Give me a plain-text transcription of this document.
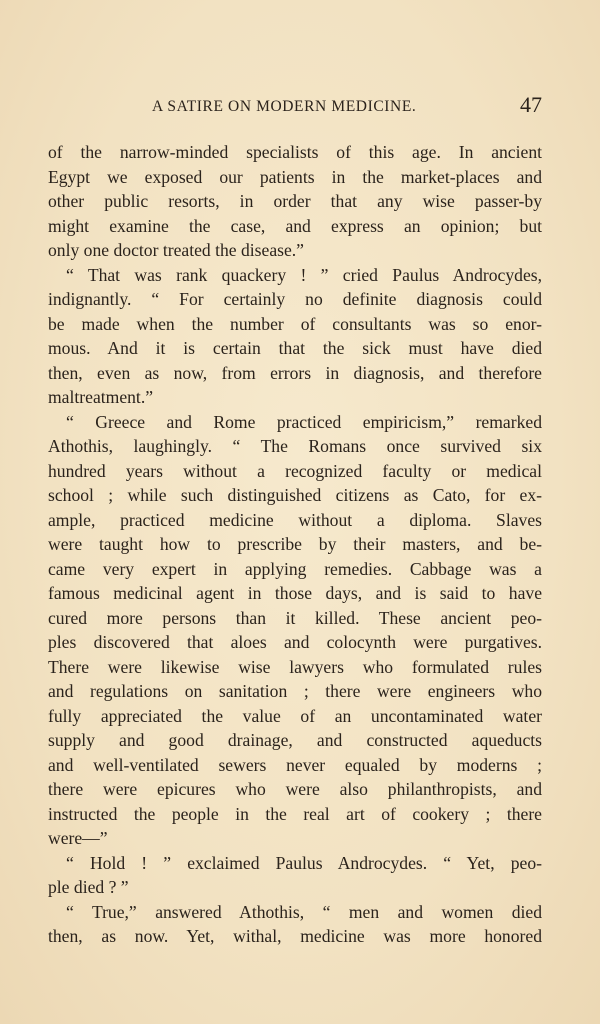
A SATIRE ON MODERN MEDICINE.	47
of the narrow-minded specialists of this age. In ancient
Egypt we exposed our patients in the market-places and
other public resorts, in order that any wise passer-by
might examine the case, and express an opinion; but
only one doctor treated the disease.”
“ That was rank quackery ! ” cried Paulus Androcydes,
indignantly. “ For certainly no definite diagnosis could
be made when the number of consultants was so enor-
mous. And it is certain that the sick must have died
then, even as now, from errors in diagnosis, and therefore
maltreatment.”
“ Greece and Rome practiced empiricism,” remarked
Athothis, laughingly. “ The Romans once survived six
hundred years without a recognized faculty or medical
school ; while such distinguished citizens as Cato, for ex-
ample, practiced medicine without a diploma. Slaves
were taught how to prescribe by their masters, and be-
came very expert in applying remedies. Cabbage was a
famous medicinal agent in those days, and is said to have
cured more persons than it killed. These ancient peo-
ples discovered that aloes and colocynth were purgatives.
There were likewise wise lawyers who formulated rules
and regulations on sanitation ; there were engineers who
fully appreciated the value of an uncontaminated water
supply and good drainage, and constructed aqueducts
and well-ventilated sewers never equaled by moderns ;
there were epicures who were also philanthropists, and
instructed the people in the real art of cookery ; there
were—”
“ Hold ! ” exclaimed Paulus Androcydes. “ Yet, peo-
ple died ? ”
“ True,” answered Athothis, “ men and women died
then, as now. Yet, withal, medicine was more honored
